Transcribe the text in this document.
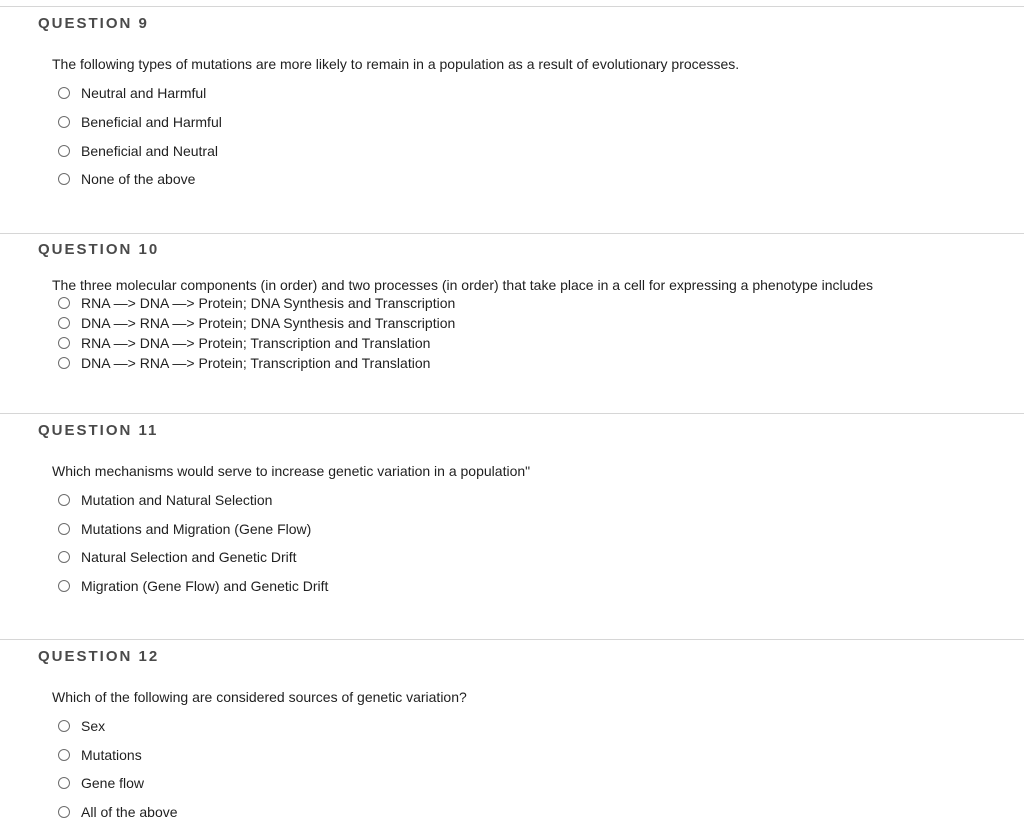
QUESTION 9
The following types of mutations are more likely to remain in a population as a result of evolutionary processes.
Neutral and Harmful
Beneficial and Harmful
Beneficial and Neutral
None of the above
QUESTION 10
The three molecular components (in order) and two processes (in order) that take place in a cell for expressing a phenotype includes
RNA —> DNA —> Protein; DNA Synthesis and Transcription
DNA —> RNA —> Protein; DNA Synthesis and Transcription
RNA —> DNA —> Protein; Transcription and Translation
DNA —> RNA —> Protein; Transcription and Translation
QUESTION 11
Which mechanisms would serve to increase genetic variation in a population"
Mutation and Natural Selection
Mutations and Migration (Gene Flow)
Natural Selection and Genetic Drift
Migration (Gene Flow) and Genetic Drift
QUESTION 12
Which of the following are considered sources of genetic variation?
Sex
Mutations
Gene flow
All of the above
